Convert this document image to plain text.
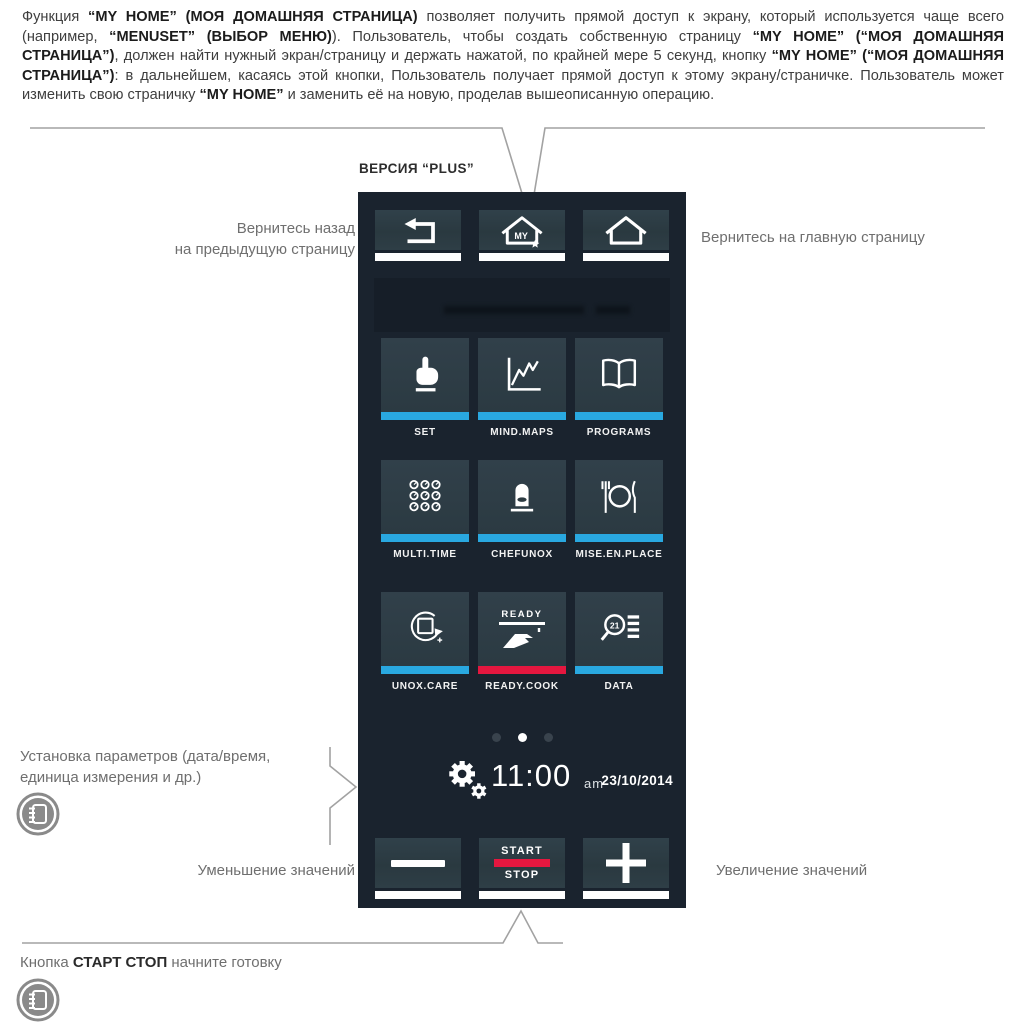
Функция “MY HOME” (МОЯ ДОМАШНЯЯ СТРАНИЦА) позволяет получить прямой доступ к экрану, который используется чаще всего (например, “MENUSET” (ВЫБОР МЕНЮ)). Пользователь, чтобы создать собственную страницу “MY HOME” (“МОЯ ДОМАШНЯЯ СТРАНИЦА”), должен найти нужный экран/страницу и держать нажатой, по крайней мере 5 секунд, кнопку “MY HOME” (“МОЯ ДОМАШНЯЯ СТРАНИЦА”): в дальнейшем, касаясь этой кнопки, Пользователь получает прямой доступ к этому экрану/страничке. Пользователь может изменить свою страничку “MY HOME” и заменить её на новую, проделав вышеописанную операцию.

ВЕРСИЯ “PLUS”
Вернитесь назад
на предыдущую страницу
Вернитесь на главную страницу
Установка параметров (дата/время,
единица измерения и др.)
Уменьшение значений	Увеличение значений
Кнопка СТАРТ СТОП начните готовку
MY
SET	MIND.MAPS	PROGRAMS
MULTI.TIME	CHEFUNOX	MISE.EN.PLACE
UNOX.CARE
READY
READY.COOK
21
DATA
11:00 am
23/10/2014
START
STOP
